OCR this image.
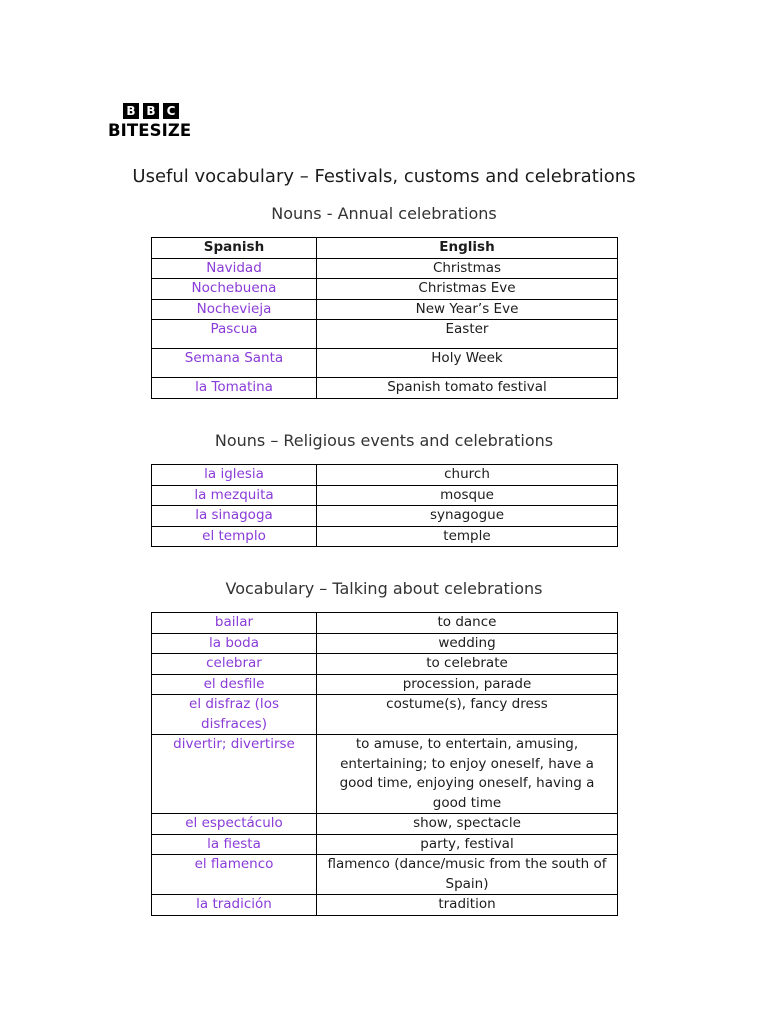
B B C
BITESIZE
Useful vocabulary – Festivals, customs and celebrations
Nouns - Annual celebrations
Spanish	English
Navidad	Christmas
Nochebuena	Christmas Eve
Nochevieja	New Year’s Eve
Pascua	Easter
Semana Santa	Holy Week
la Tomatina	Spanish tomato festival
Nouns – Religious events and celebrations
la iglesia	church
la mezquita	mosque
la sinagoga	synagogue
el templo	temple
Vocabulary – Talking about celebrations
bailar	to dance
la boda	wedding
celebrar	to celebrate
el desfile	procession, parade
el disfraz (los disfraces)	costume(s), fancy dress
divertir; divertirse	to amuse, to entertain, amusing, entertaining; to enjoy oneself, have a good time, enjoying oneself, having a good time
el espectáculo	show, spectacle
la fiesta	party, festival
el flamenco	flamenco (dance/music from the south of Spain)
la tradición	tradition
